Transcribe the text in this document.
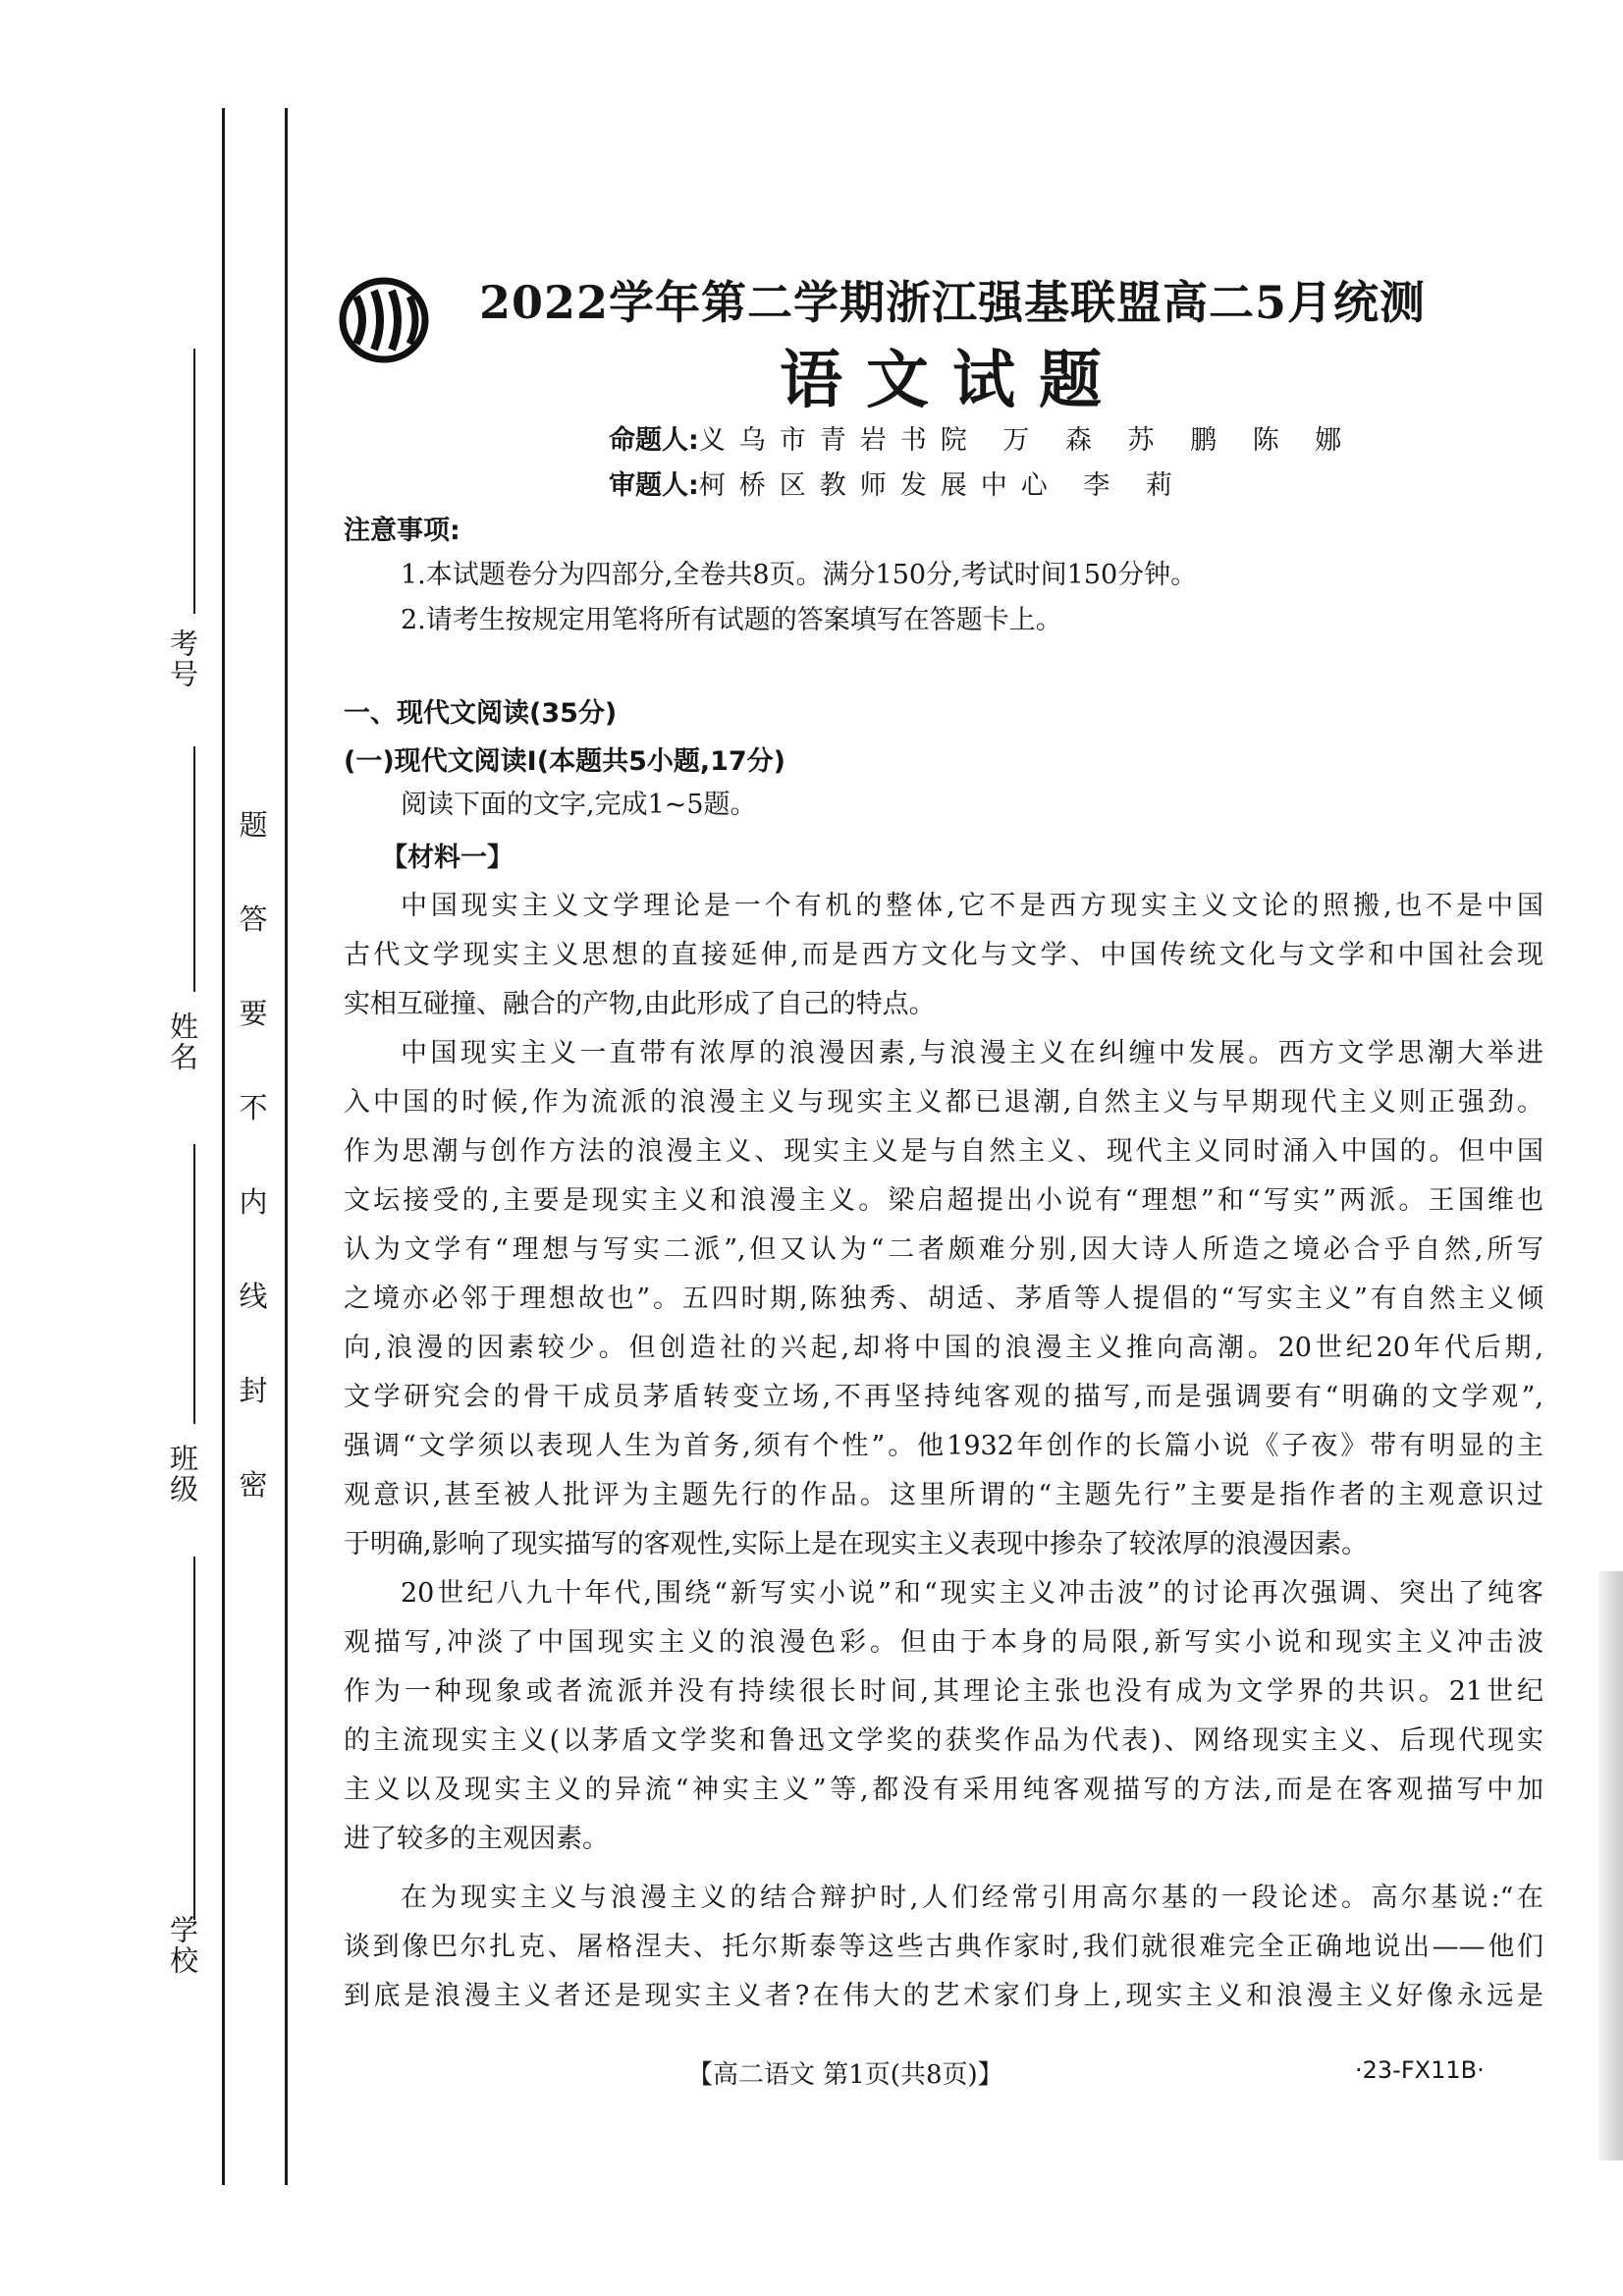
考号
姓名
班级
学校
题
答
要
不
内
线
封
密
2022学年第二学期浙江强基联盟高二5月统测
语文试题
命题人:义乌市青岩书院 万 森 苏 鹏 陈 娜
审题人:柯桥区教师发展中心 李 莉
注意事项:
1.本试题卷分为四部分,全卷共8页。满分150分,考试时间150分钟。
2.请考生按规定用笔将所有试题的答案填写在答题卡上。
一、现代文阅读(35分)
(一)现代文阅读Ⅰ(本题共5小题,17分)
阅读下面的文字,完成1~5题。
【材料一】
中国现实主义文学理论是一个有机的整体,它不是西方现实主义文论的照搬,也不是中国
古代文学现实主义思想的直接延伸,而是西方文化与文学、中国传统文化与文学和中国社会现
实相互碰撞、融合的产物,由此形成了自己的特点。
中国现实主义一直带有浓厚的浪漫因素,与浪漫主义在纠缠中发展。西方文学思潮大举进
入中国的时候,作为流派的浪漫主义与现实主义都已退潮,自然主义与早期现代主义则正强劲。
作为思潮与创作方法的浪漫主义、现实主义是与自然主义、现代主义同时涌入中国的。但中国
文坛接受的,主要是现实主义和浪漫主义。梁启超提出小说有“理想”和“写实”两派。王国维也
认为文学有“理想与写实二派”,但又认为“二者颇难分别,因大诗人所造之境必合乎自然,所写
之境亦必邻于理想故也”。五四时期,陈独秀、胡适、茅盾等人提倡的“写实主义”有自然主义倾
向,浪漫的因素较少。但创造社的兴起,却将中国的浪漫主义推向高潮。20世纪20年代后期,
文学研究会的骨干成员茅盾转变立场,不再坚持纯客观的描写,而是强调要有“明确的文学观”,
强调“文学须以表现人生为首务,须有个性”。他1932年创作的长篇小说《子夜》带有明显的主
观意识,甚至被人批评为主题先行的作品。这里所谓的“主题先行”主要是指作者的主观意识过
于明确,影响了现实描写的客观性,实际上是在现实主义表现中掺杂了较浓厚的浪漫因素。
20世纪八九十年代,围绕“新写实小说”和“现实主义冲击波”的讨论再次强调、突出了纯客
观描写,冲淡了中国现实主义的浪漫色彩。但由于本身的局限,新写实小说和现实主义冲击波
作为一种现象或者流派并没有持续很长时间,其理论主张也没有成为文学界的共识。21世纪
的主流现实主义(以茅盾文学奖和鲁迅文学奖的获奖作品为代表)、网络现实主义、后现代现实
主义以及现实主义的异流“神实主义”等,都没有采用纯客观描写的方法,而是在客观描写中加
进了较多的主观因素。
在为现实主义与浪漫主义的结合辩护时,人们经常引用高尔基的一段论述。高尔基说:“在
谈到像巴尔扎克、屠格涅夫、托尔斯泰等这些古典作家时,我们就很难完全正确地说出——他们
到底是浪漫主义者还是现实主义者?在伟大的艺术家们身上,现实主义和浪漫主义好像永远是
【高二语文 第1页(共8页)】	·23-FX11B·
